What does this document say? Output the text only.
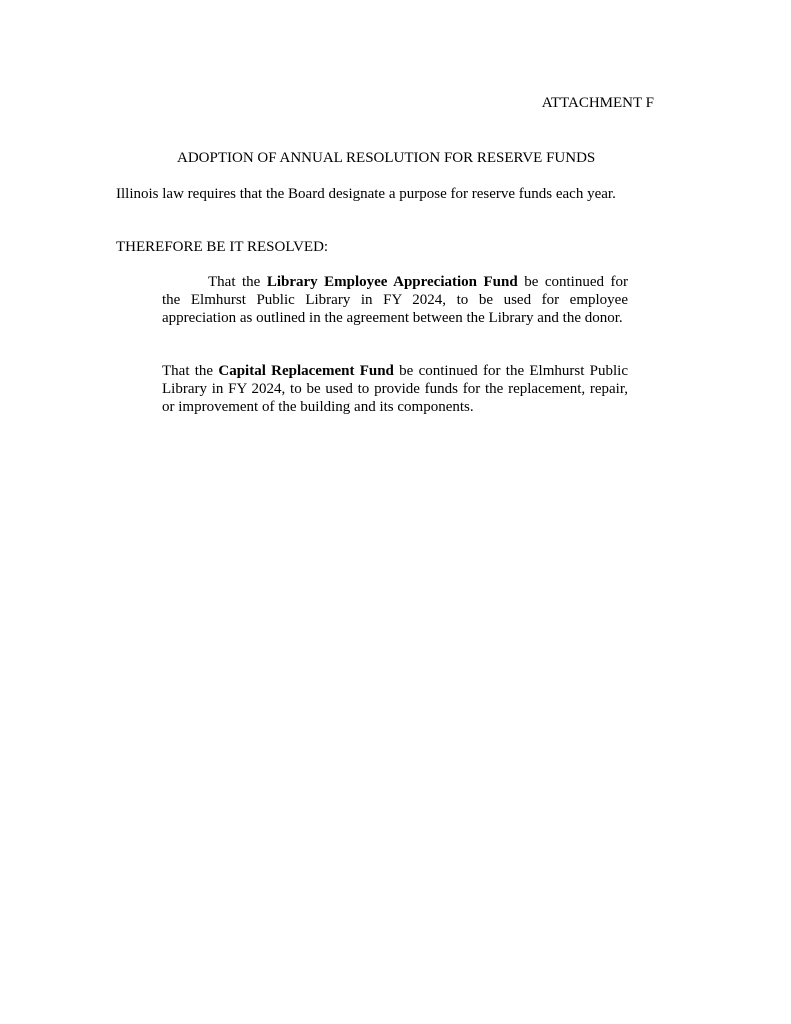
ATTACHMENT F
ADOPTION OF ANNUAL RESOLUTION FOR RESERVE FUNDS
Illinois law requires that the Board designate a purpose for reserve funds each year.
THEREFORE BE IT RESOLVED:
That the Library Employee Appreciation Fund be continued for the Elmhurst Public Library in FY 2024, to be used for employee appreciation as outlined in the agreement between the Library and the donor.
That the Capital Replacement Fund be continued for the Elmhurst Public Library in FY 2024, to be used to provide funds for the replacement, repair, or improvement of the building and its components.
